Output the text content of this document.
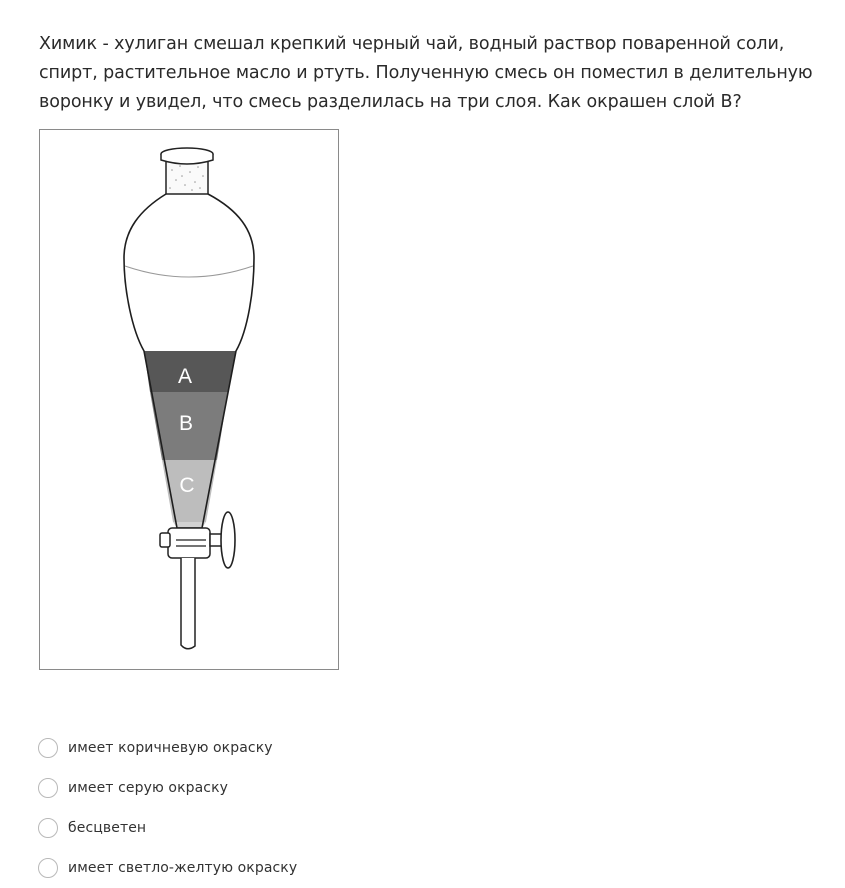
Химик - хулиган смешал крепкий черный чай, водный раствор поваренной соли, спирт, растительное масло и ртуть. Полученную смесь он поместил в делительную воронку и увидел, что смесь разделилась на три слоя. Как окрашен слой В?
A
B
C
имеет коричневую окраску
имеет серую окраску
бесцветен
имеет светло-желтую окраску
